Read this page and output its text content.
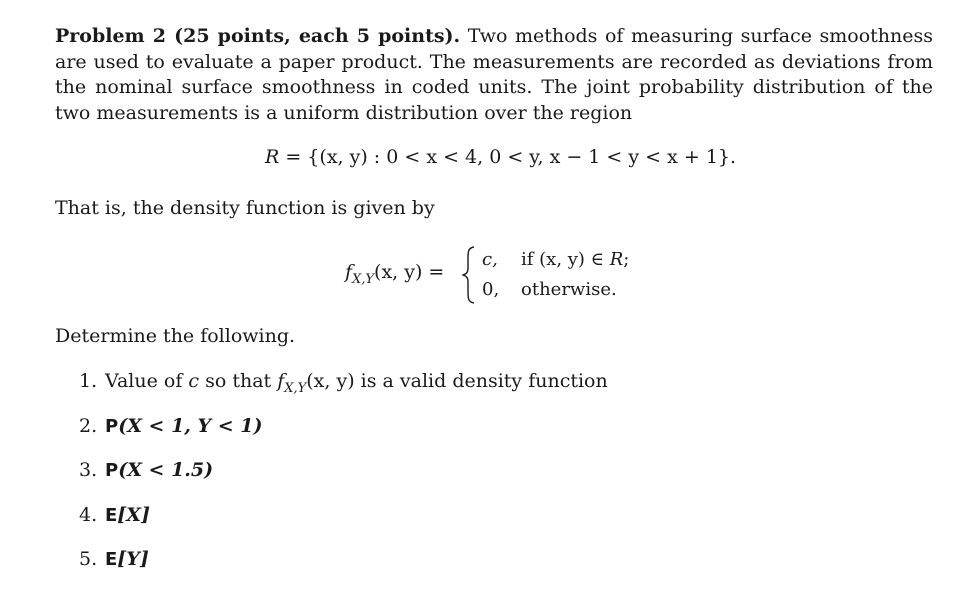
Problem 2 (25 points, each 5 points). Two methods of measuring surface smoothness are used to evaluate a paper product. The measurements are recorded as deviations from the nominal surface smoothness in coded units. The joint probability distribution of the two measurements is a uniform distribution over the region

R = {(x, y) : 0 < x < 4, 0 < y, x − 1 < y < x + 1}.
That is, the density function is given by
$f_{X,Y}(x$, y) =
c, if (x, y) ∈ R;
0, otherwise.
Determine the following.
1. Value of c so that $f_{X,Y}(x$, y) is a valid density function
2. P(X < 1, Y < 1)
3. P(X < 1.5)
4. E[X]
5. E[Y]
